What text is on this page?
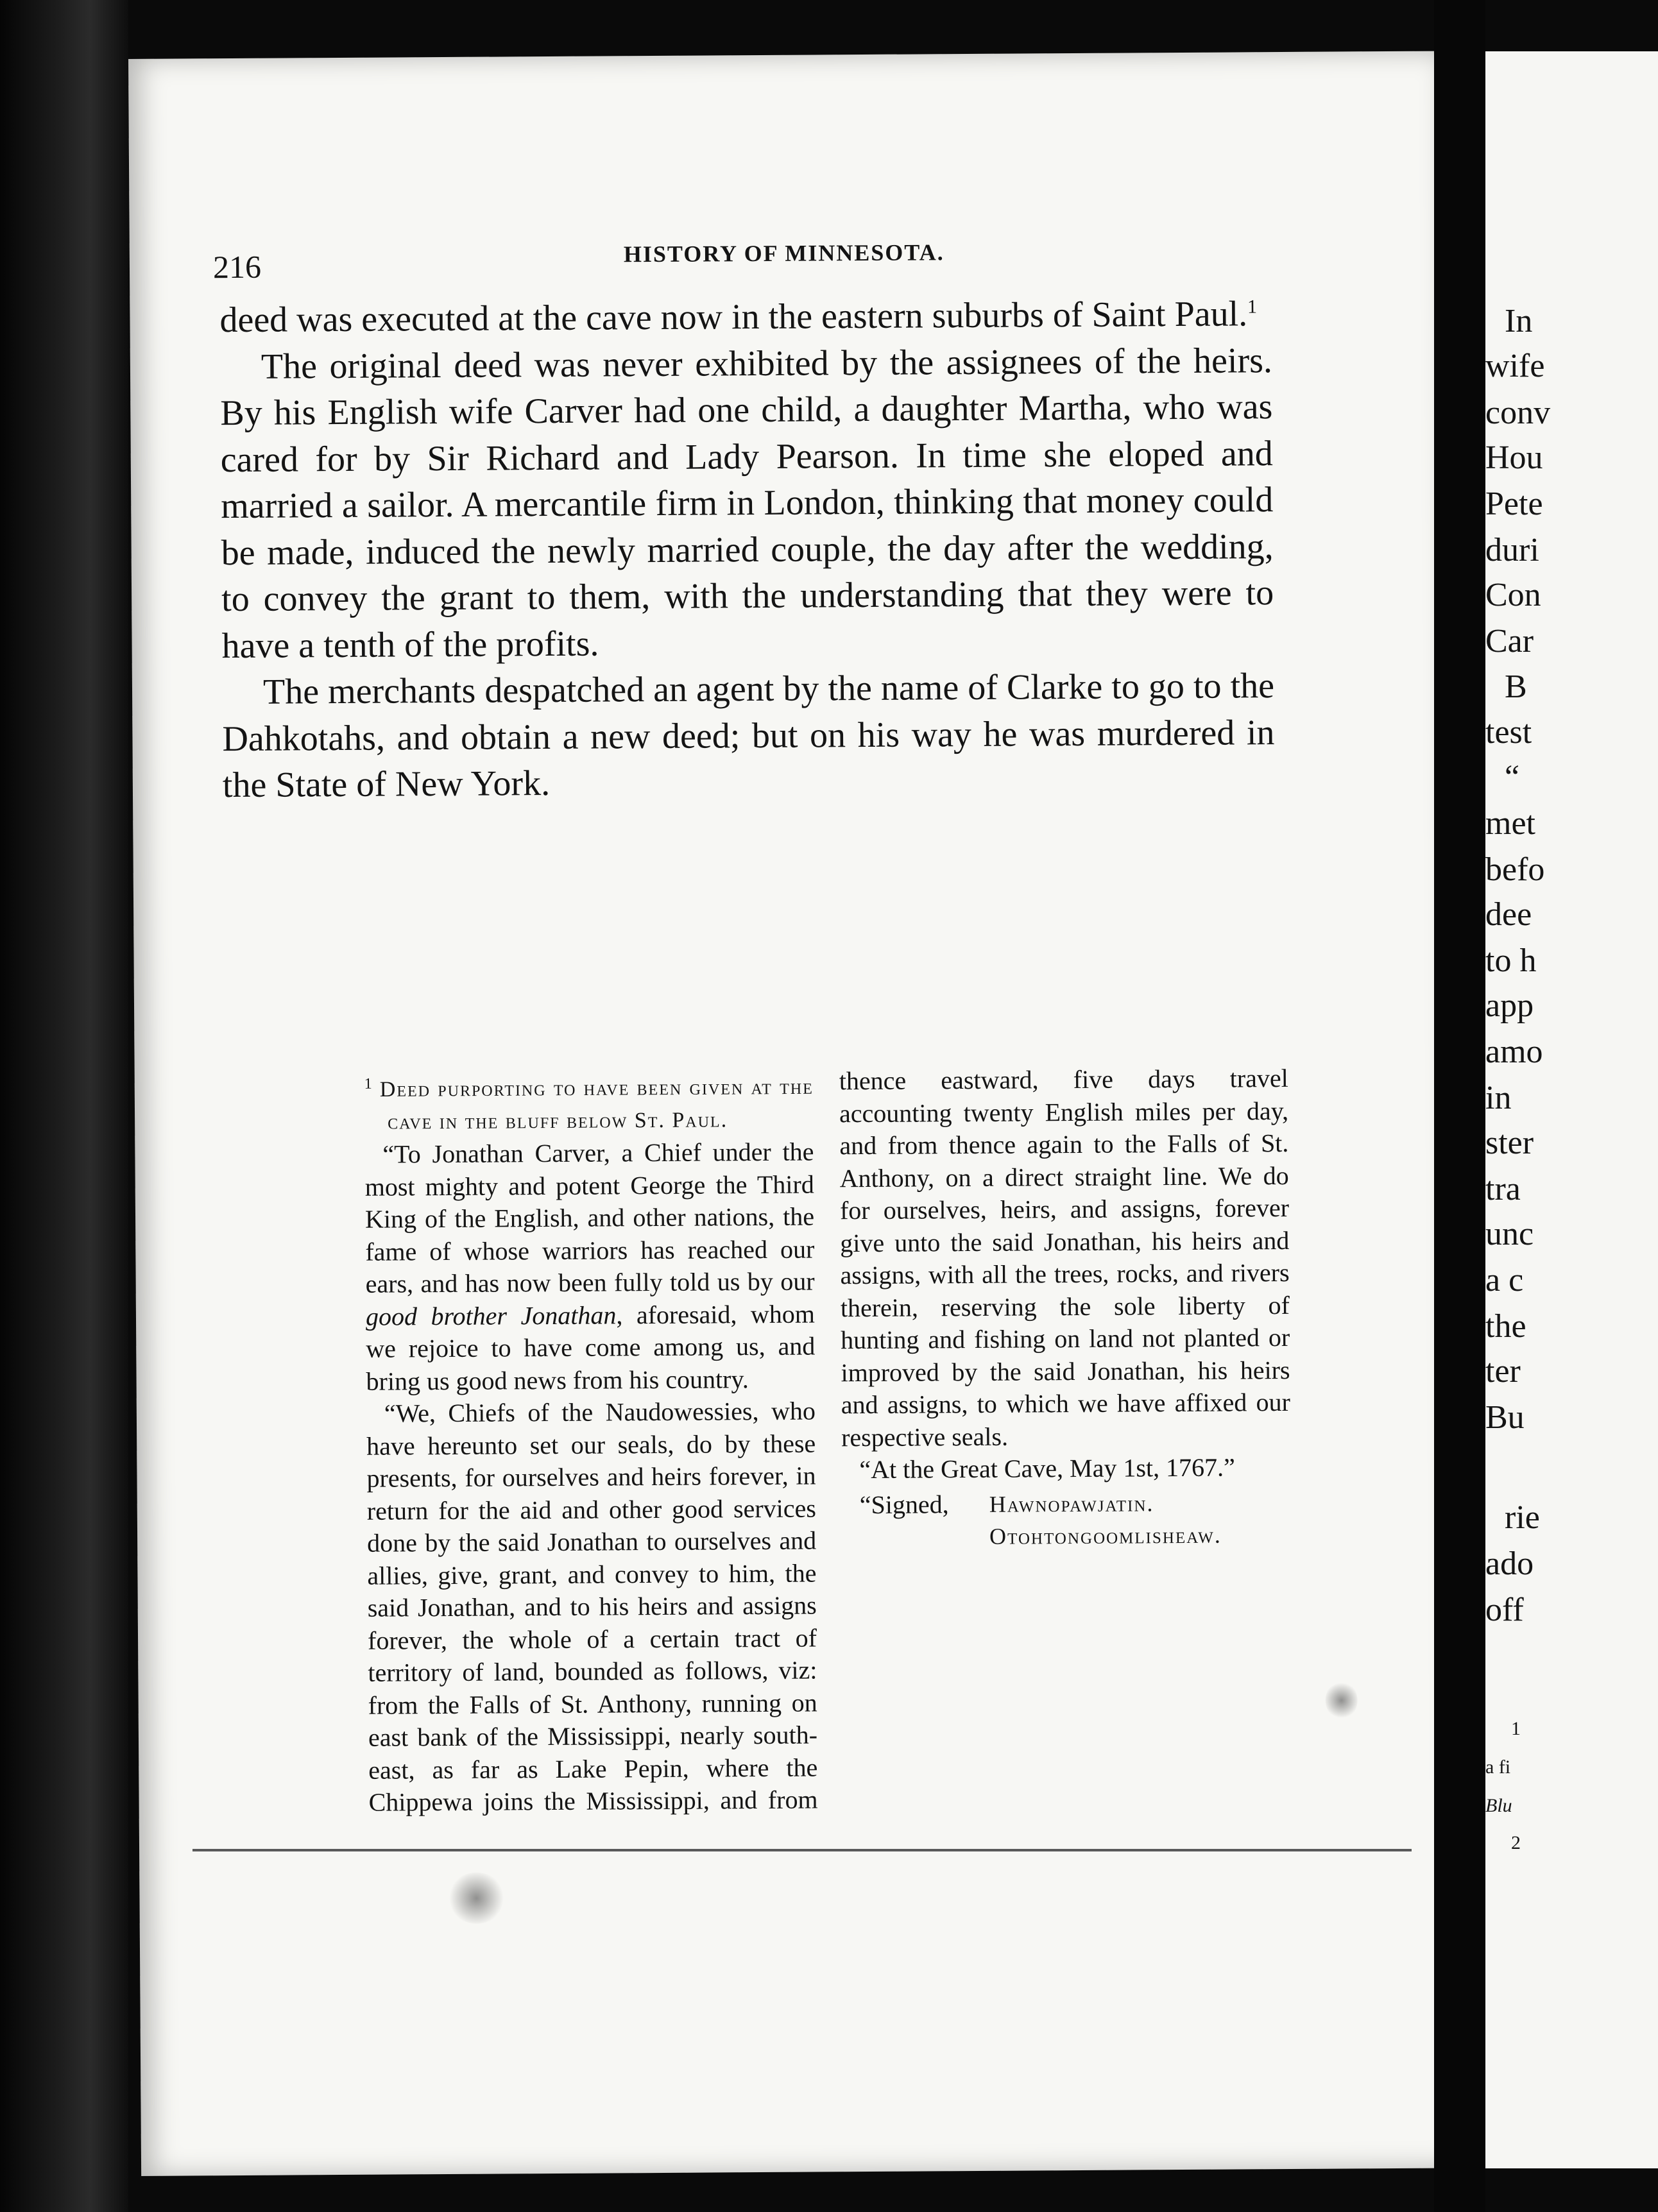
216	HISTORY OF MINNESOTA.

deed was executed at the cave now in the eastern suburbs of Saint Paul.$^1$

The original deed was never exhibited by the assignees of the heirs. By his English wife Carver had one child, a daughter Martha, who was cared for by Sir Richard and Lady Pearson. In time she eloped and married a sailor. A mercantile firm in London, thinking that money could be made, induced the newly married couple, the day after the wedding, to convey the grant to them, with the understanding that they were to have a tenth of the profits.

The merchants despatched an agent by the name of Clarke to go to the Dahkotahs, and obtain a new deed; but on his way he was murdered in the State of New York.

$^1$ Deed purporting to have been given at the cave in the bluff below St. Paul.

“To Jonathan Carver, a Chief under the most mighty and potent George the Third King of the English, and other nations, the fame of whose warriors has reached our ears, and has now been fully told us by our good brother Jonathan, aforesaid, whom we rejoice to have come among us, and bring us good news from his country.

“We, Chiefs of the Naudowessies, who have hereunto set our seals, do by these presents, for ourselves and heirs forever, in return for the aid and other good services done by the said Jonathan to ourselves and allies, give, grant, and convey to him, the said Jonathan, and to his heirs and assigns forever, the whole of a certain tract of territory of land, bounded as follows, viz: from the Falls of St. Anthony, running on east bank of the Mississippi, nearly south-east, as far as Lake Pepin, where the Chippewa joins the Mississippi, and from thence eastward, five days travel accounting twenty English miles per day, and from thence again to the Falls of St. Anthony, on a direct straight line. We do for ourselves, heirs, and assigns, forever give unto the said Jonathan, his heirs and assigns, with all the trees, rocks, and rivers therein, reserving the sole liberty of hunting and fishing on land not planted or improved by the said Jonathan, his heirs and assigns, to which we have affixed our respective seals.

“At the Great Cave, May 1st, 1767.”

“Signed,	Hawnopawjatin.
Otohtongoomlisheaw.
In
wife
conv
Hou
Pete
duri
Con
Car
B
test
“
met
befo
dee
to h
app
amo
in
ster
tra
unc
a c
the
ter
Bu
rie
ado
off
1
a fi
Blu
2
